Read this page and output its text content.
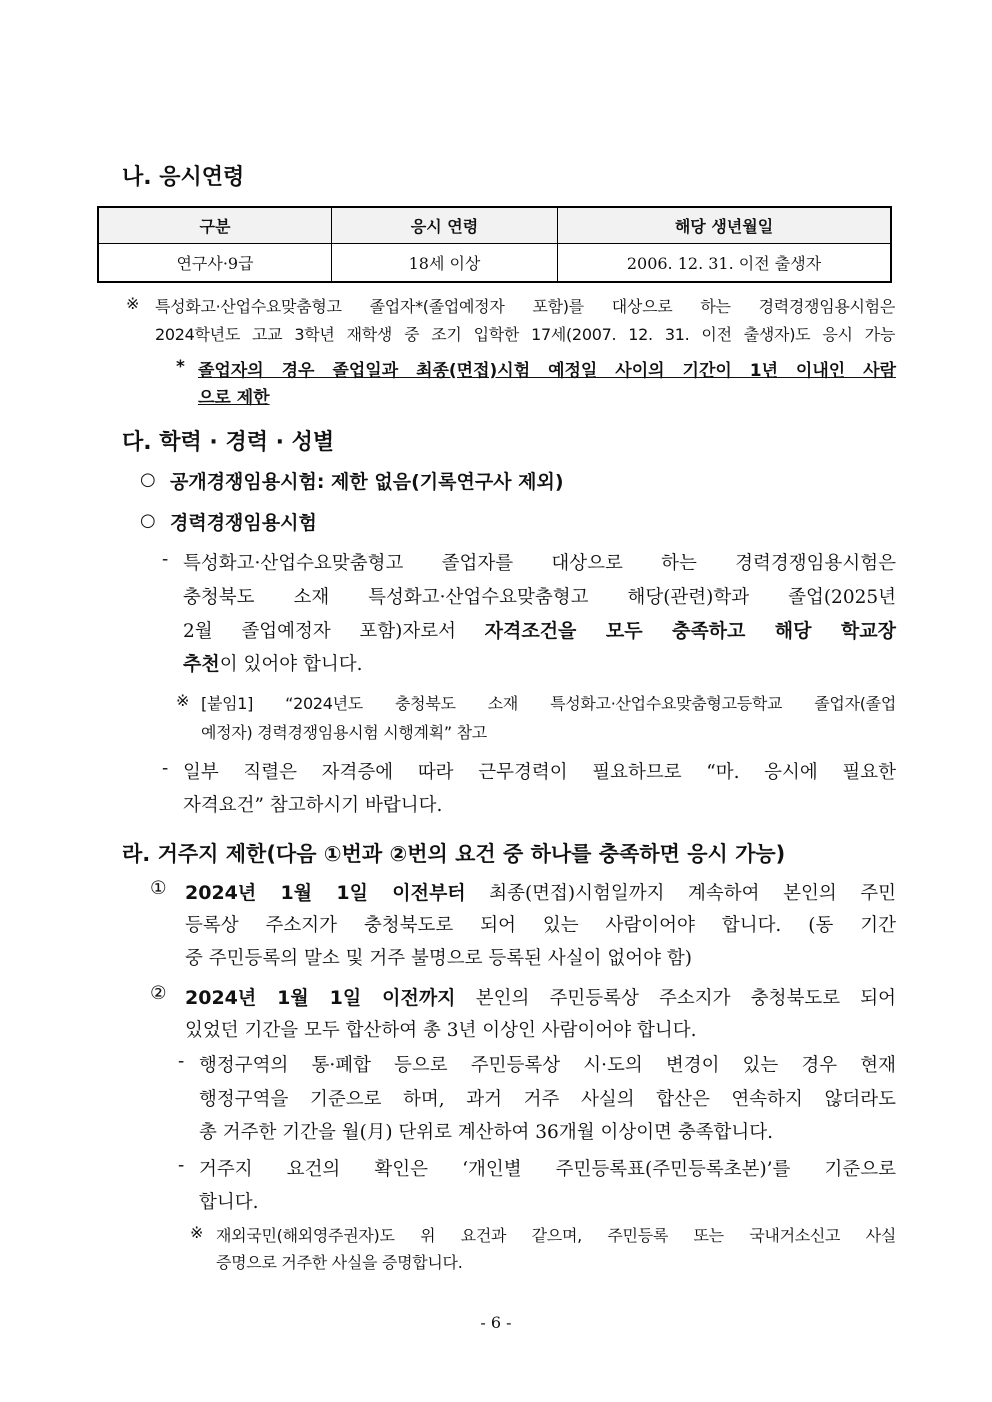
나. 응시연령
구분	응시 연령	해당 생년월일
연구사·9급	18세 이상	2006. 12. 31. 이전 출생자
※ 특성화고·산업수요맞춤형고 졸업자*(졸업예정자 포함)를 대상으로 하는 경력경쟁임용시험은
2024학년도 고교 3학년 재학생 중 조기 입학한 17세(2007. 12. 31. 이전 출생자)도 응시 가능
* 졸업자의 경우 졸업일과 최종(면접)시험 예정일 사이의 기간이 1년 이내인 사람
으로 제한
다. 학력 · 경력 · 성별
○ 공개경쟁임용시험: 제한 없음(기록연구사 제외)
○ 경력경쟁임용시험
- 특성화고·산업수요맞춤형고 졸업자를 대상으로 하는 경력경쟁임용시험은
충청북도 소재 특성화고·산업수요맞춤형고 해당(관련)학과 졸업(2025년
2월 졸업예정자 포함)자로서 자격조건을 모두 충족하고 해당 학교장
추천이 있어야 합니다.
※ [붙임1] “2024년도 충청북도 소재 특성화고·산업수요맞춤형고등학교 졸업자(졸업
예정자) 경력경쟁임용시험 시행계획” 참고
- 일부 직렬은 자격증에 따라 근무경력이 필요하므로 “마. 응시에 필요한
자격요건” 참고하시기 바랍니다.
라. 거주지 제한(다음 ①번과 ②번의 요건 중 하나를 충족하면 응시 가능)
① 2024년 1월 1일 이전부터 최종(면접)시험일까지 계속하여 본인의 주민
등록상 주소지가 충청북도로 되어 있는 사람이어야 합니다. (동 기간
중 주민등록의 말소 및 거주 불명으로 등록된 사실이 없어야 함)
② 2024년 1월 1일 이전까지 본인의 주민등록상 주소지가 충청북도로 되어
있었던 기간을 모두 합산하여 총 3년 이상인 사람이어야 합니다.
- 행정구역의 통·폐합 등으로 주민등록상 시·도의 변경이 있는 경우 현재
행정구역을 기준으로 하며, 과거 거주 사실의 합산은 연속하지 않더라도
총 거주한 기간을 월(月) 단위로 계산하여 36개월 이상이면 충족합니다.
- 거주지 요건의 확인은 ‘개인별 주민등록표(주민등록초본)’를 기준으로
합니다.
※ 재외국민(해외영주권자)도 위 요건과 같으며, 주민등록 또는 국내거소신고 사실
증명으로 거주한 사실을 증명합니다.
- 6 -
